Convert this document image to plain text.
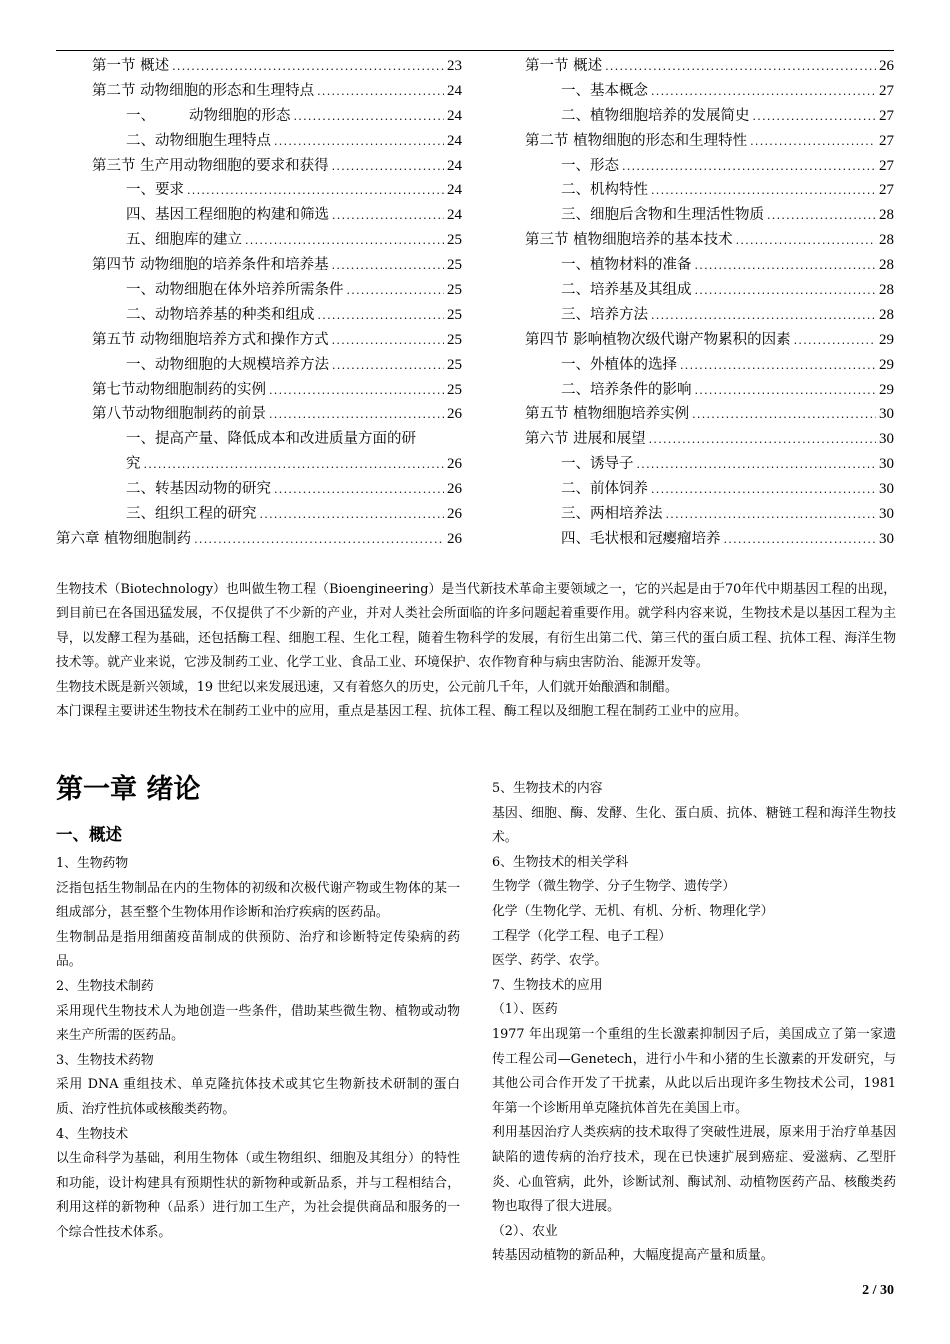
第一节 概述 .....	23
第二节 动物细胞的形态和生理特点 .....	24
一、 动物细胞的形态 .....	24
二、动物细胞生理特点 .....	24
第三节 生产用动物细胞的要求和获得 .....	24
一、要求 .....	24
四、基因工程细胞的构建和筛选 .....	24
五、细胞库的建立 .....	25
第四节 动物细胞的培养条件和培养基 .....	25
一、动物细胞在体外培养所需条件 .....	25
二、动物培养基的种类和组成 .....	25
第五节 动物细胞培养方式和操作方式 .....	25
一、动物细胞的大规模培养方法 .....	25
第七节动物细胞制药的实例 .....	25
第八节动物细胞制药的前景 .....	26
一、提高产量、降低成本和改进质量方面的研
究 .....	26
二、转基因动物的研究 .....	26
三、组织工程的研究 .....	26
第六章 植物细胞制药 .....	26
第一节 概述 .....	26
一、基本概念 .....	27
二、植物细胞培养的发展简史 .....	27
第二节 植物细胞的形态和生理特性 .....	27
一、形态 .....	27
二、机构特性 .....	27
三、细胞后含物和生理活性物质 .....	28
第三节 植物细胞培养的基本技术 .....	28
一、植物材料的准备 .....	28
二、培养基及其组成 .....	28
三、培养方法 .....	28
第四节 影响植物次级代谢产物累积的因素 .....	29
一、外植体的选择 .....	29
二、培养条件的影响 .....	29
第五节 植物细胞培养实例 .....	30
第六节 进展和展望 .....	30
一、诱导子 .....	30
二、前体饲养 .....	30
三、两相培养法 .....	30
四、毛状根和冠瘿瘤培养 .....	30

生物技术（Biotechnology）也叫做生物工程（Bioengineering）是当代新技术革命主要领域之一，它的兴起是由于70年代中期基因工程的出现，到目前已在各国迅猛发展，不仅提供了不少新的产业，并对人类社会所面临的许多问题起着重要作用。就学科内容来说，生物技术是以基因工程为主导，以发酵工程为基础，还包括酶工程、细胞工程、生化工程，随着生物科学的发展，有衍生出第二代、第三代的蛋白质工程、抗体工程、海洋生物技术等。就产业来说，它涉及制药工业、化学工业、食品工业、环境保护、农作物育种与病虫害防治、能源开发等。

生物技术既是新兴领域，19 世纪以来发展迅速，又有着悠久的历史，公元前几千年，人们就开始酿酒和制醋。

本门课程主要讲述生物技术在制药工业中的应用，重点是基因工程、抗体工程、酶工程以及细胞工程在制药工业中的应用。

第一章 绪论
一、概述

1、生物药物

泛指包括生物制品在内的生物体的初级和次极代谢产物或生物体的某一组成部分，甚至整个生物体用作诊断和治疗疾病的医药品。

生物制品是指用细菌疫苗制成的供预防、治疗和诊断特定传染病的药品。

2、生物技术制药

采用现代生物技术人为地创造一些条件，借助某些微生物、植物或动物来生产所需的医药品。

3、生物技术药物

采用 DNA 重组技术、单克隆抗体技术或其它生物新技术研制的蛋白质、治疗性抗体或核酸类药物。

4、生物技术

以生命科学为基础，利用生物体（或生物组织、细胞及其组分）的特性和功能，设计构建具有预期性状的新物种或新品系，并与工程相结合，利用这样的新物种（品系）进行加工生产，为社会提供商品和服务的一个综合性技术体系。

5、生物技术的内容

基因、细胞、酶、发酵、生化、蛋白质、抗体、糖链工程和海洋生物技术。

6、生物技术的相关学科

生物学（微生物学、分子生物学、遗传学）

化学（生物化学、无机、有机、分析、物理化学）

工程学（化学工程、电子工程）

医学、药学、农学。

7、生物技术的应用

（1）、医药

1977 年出现第一个重组的生长激素抑制因子后，美国成立了第一家遗传工程公司—Genetech，进行小牛和小猪的生长激素的开发研究，与其他公司合作开发了干扰素，从此以后出现许多生物技术公司，1981 年第一个诊断用单克隆抗体首先在美国上市。

利用基因治疗人类疾病的技术取得了突破性进展，原来用于治疗单基因缺陷的遗传病的治疗技术，现在已快速扩展到癌症、爱滋病、乙型肝炎、心血管病，此外，诊断试剂、酶试剂、动植物医药产品、核酸类药物也取得了很大进展。

（2）、农业

转基因动植物的新品种，大幅度提高产量和质量。

2 / 30
